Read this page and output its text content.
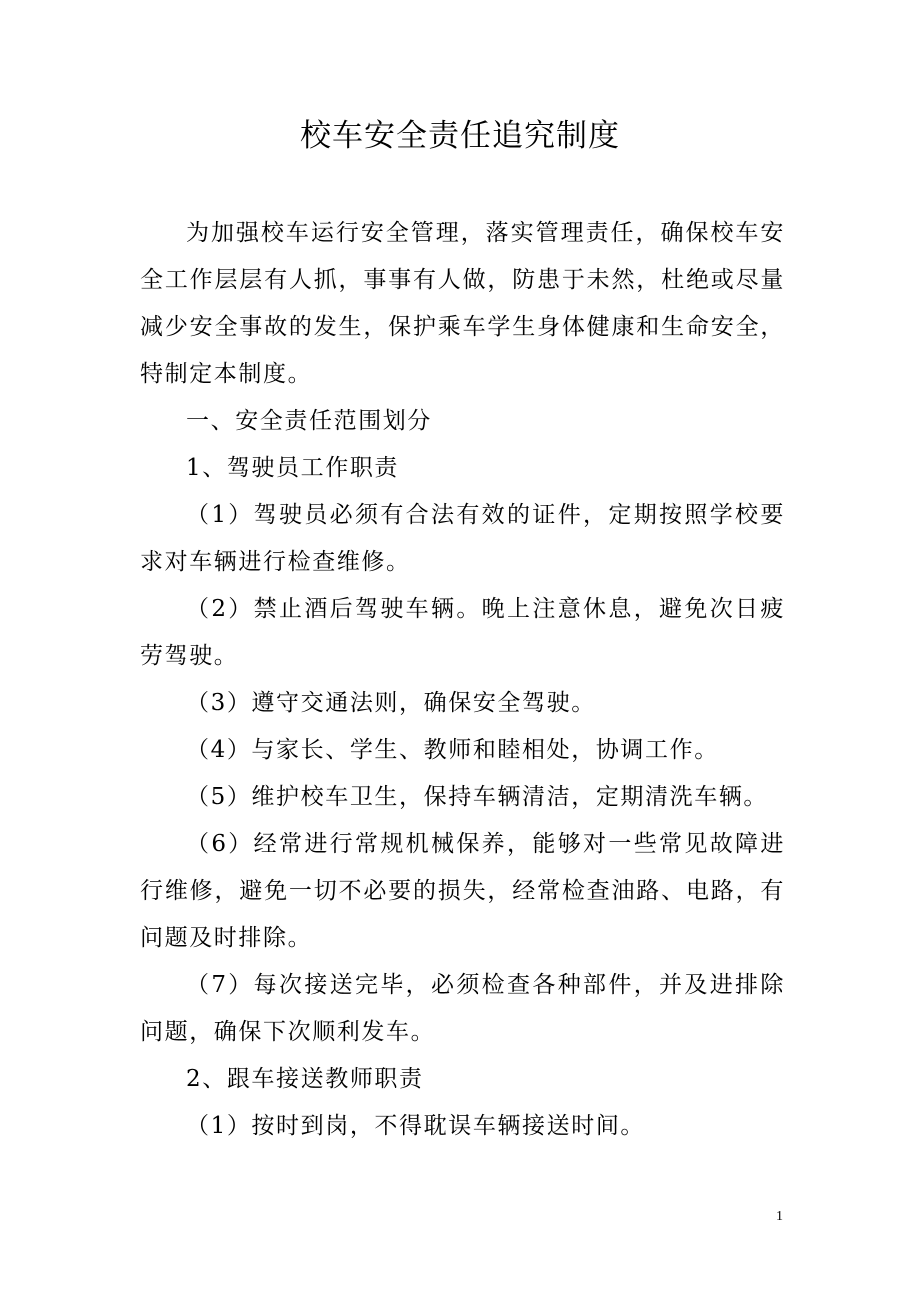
校车安全责任追究制度

为加强校车运行安全管理，落实管理责任，确保校车安全工作层层有人抓，事事有人做，防患于未然，杜绝或尽量减少安全事故的发生，保护乘车学生身体健康和生命安全，特制定本制度。

一、安全责任范围划分

1、驾驶员工作职责

（1）驾驶员必须有合法有效的证件，定期按照学校要求对车辆进行检查维修。

（2）禁止酒后驾驶车辆。晚上注意休息，避免次日疲劳驾驶。

（3）遵守交通法则，确保安全驾驶。

（4）与家长、学生、教师和睦相处，协调工作。

（5）维护校车卫生，保持车辆清洁，定期清洗车辆。

（6）经常进行常规机械保养，能够对一些常见故障进行维修，避免一切不必要的损失，经常检查油路、电路，有问题及时排除。

（7）每次接送完毕，必须检查各种部件，并及进排除问题，确保下次顺利发车。

2、跟车接送教师职责

（1）按时到岗，不得耽误车辆接送时间。

1
